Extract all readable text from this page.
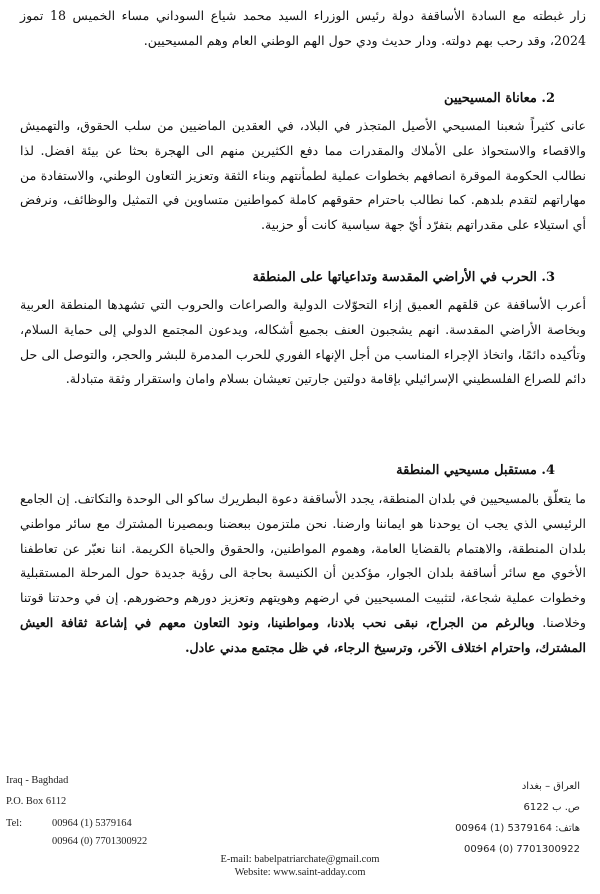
زار غبطته مع السادة الأساقفة دولة رئيس الوزراء السيد محمد شياع السوداني مساء الخميس 18 تموز 2024، وقد رحب بهم دولته. ودار حديث ودي حول الهم الوطني العام وهم المسيحيين.

2. معاناة المسيحيين

عانى كثيراً شعبنا المسيحي الأصيل المتجذر في البلاد، في العقدين الماضيين من سلب الحقوق، والتهميش والاقصاء والاستحواذ على الأملاك والمقدرات مما دفع الكثيرين منهم الى الهجرة بحثا عن بيئة افضل. لذا نطالب الحكومة الموقرة انصافهم بخطوات عملية لطمأنتهم وبناء الثقة وتعزيز التعاون الوطني، والاستفادة من مهاراتهم لتقدم بلدهم. كما نطالب باحترام حقوقهم كاملة كمواطنين متساوين في التمثيل والوظائف، ونرفض أي استيلاء على مقدراتهم بتفرّد أيّ جهة سياسية كانت أو حزبية.

3. الحرب في الأراضي المقدسة وتداعياتها على المنطقة

أعرب الأساقفة عن قلقهم العميق إزاء التحوّلات الدولية والصراعات والحروب التي تشهدها المنطقة العربية وبخاصة الأراضي المقدسة. انهم يشجبون العنف بجميع أشكاله، ويدعون المجتمع الدولي إلى حماية السلام، وتأكيده دائمًا، واتخاذ الإجراء المناسب من أجل الإنهاء الفوري للحرب المدمرة للبشر والحجر، والتوصل الى حل دائم للصراع الفلسطيني الإسرائيلي بإقامة دولتين جارتين تعيشان بسلام وامان واستقرار وثقة متبادلة.

4. مستقبل مسيحيي المنطقة

ما يتعلّق بالمسيحيين في بلدان المنطقة، يجدد الأساقفة دعوة البطريرك ساكو الى الوحدة والتكاتف. إن الجامع الرئيسي الذي يجب ان يوحدنا هو ايماننا وارضنا. نحن ملتزمون ببعضنا وبمصيرنا المشترك مع سائر مواطني بلدان المنطقة، والاهتمام بالقضايا العامة، وهموم المواطنين، والحقوق والحياة الكريمة. اننا نعبّر عن تعاطفنا الأخوي مع سائر أساقفة بلدان الجوار، مؤكدين أن الكنيسة بحاجة الى رؤية جديدة حول المرحلة المستقبلية وخطوات عملية شجاعة، لتثبيت المسيحيين في ارضهم وهويتهم وتعزيز دورهم وحضورهم. إن في وحدتنا قوتنا وخلاصنا. وبالرغم من الجراح، نبقى نحب بلادنا، ومواطنينا، ونود التعاون معهم في إشاعة ثقافة العيش المشترك، واحترام اختلاف الآخر، وترسيخ الرجاء، في ظل مجتمع مدني عادل.

Iraq - Baghdad
P.O. Box 6112
Tel:	00964 (1) 5379164
00964 (0) 7701300922
العراق – بغداد
ص. ب 6122
هاتف: 5379164 (1) 00964
00964 (0) 7701300922
E-mail: babelpatriarchate@gmail.com
Website: www.saint-adday.com
